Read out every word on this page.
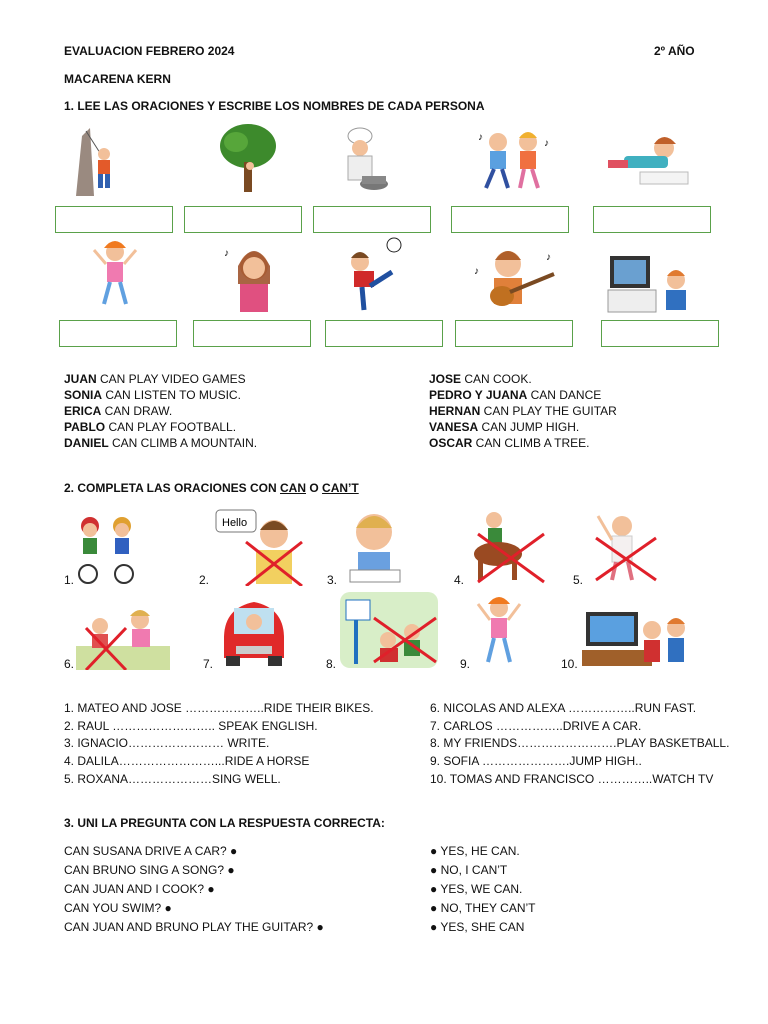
EVALUACION FEBRERO 2024	2º AÑO
MACARENA KERN
1. LEE LAS ORACIONES Y ESCRIBE LOS NOMBRES DE CADA PERSONA
♪
♪
♪
♪
♪
JUAN CAN PLAY VIDEO GAMES
SONIA CAN LISTEN TO MUSIC.
ERICA CAN DRAW.
PABLO CAN PLAY FOOTBALL.
DANIEL CAN CLIMB A MOUNTAIN.
JOSE CAN COOK.
PEDRO Y JUANA CAN DANCE
HERNAN CAN PLAY THE GUITAR
VANESA CAN JUMP HIGH.
OSCAR CAN CLIMB A TREE.
2. COMPLETA LAS ORACIONES CON CAN O CAN’T
1.
Hello
2.	3.	4.	5.
6.	7.	8.	9.	10.
1. MATEO AND JOSE ………………..RIDE THEIR BIKES.
2. RAUL …………………….. SPEAK ENGLISH.
3. IGNACIO…………………… WRITE.
4. DALILA……………………...RIDE A HORSE
5. ROXANA…………………SING WELL.
6. NICOLAS AND ALEXA ……………..RUN FAST.
7. CARLOS ……………..DRIVE A CAR.
8. MY FRIENDS…………………….PLAY BASKETBALL.
9. SOFIA ………………….JUMP HIGH..
10. TOMAS AND FRANCISCO …………..WATCH TV
3. UNI LA PREGUNTA CON LA RESPUESTA CORRECTA:
CAN SUSANA DRIVE A CAR? ●
CAN BRUNO SING A SONG? ●
CAN JUAN AND I COOK? ●
CAN YOU SWIM? ●
CAN JUAN AND BRUNO PLAY THE GUITAR? ●
● YES, HE CAN.
● NO, I CAN’T
● YES, WE CAN.
● NO, THEY CAN’T
● YES, SHE CAN
